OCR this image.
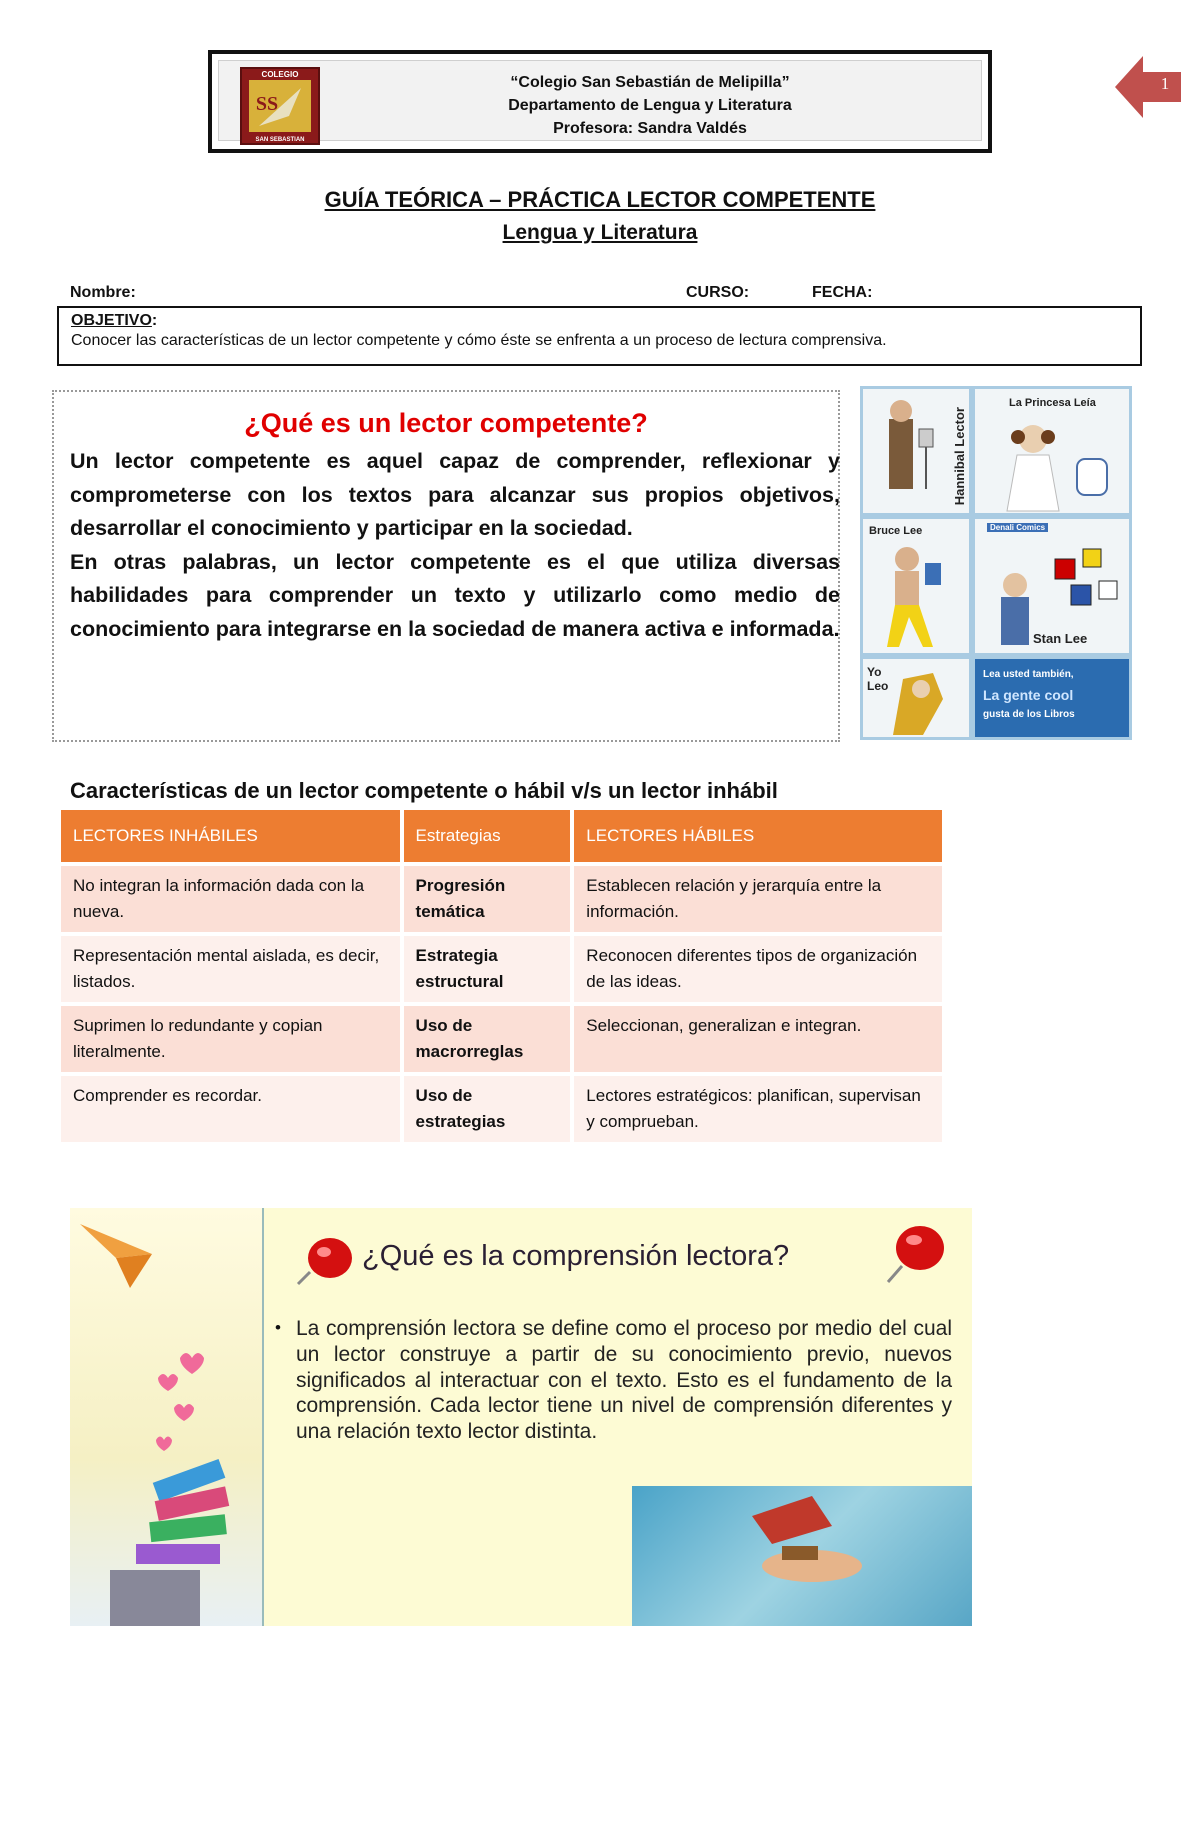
COLEGIO
SS
SAN SEBASTIAN
“Colegio San Sebastián de Melipilla”
Departamento de Lengua y Literatura
Profesora: Sandra Valdés
1
GUÍA TEÓRICA – PRÁCTICA LECTOR COMPETENTE
Lengua y Literatura
Nombre:	CURSO:	FECHA:
OBJETIVO:
Conocer las características de un lector competente y cómo éste se enfrenta a un proceso de lectura comprensiva.
¿Qué es un lector competente?

Un lector competente es aquel capaz de comprender, reflexionar y comprometerse con los textos para alcanzar sus propios objetivos, desarrollar el conocimiento y participar en la sociedad.

En otras palabras, un lector competente es el que utiliza diversas habilidades para comprender un texto y utilizarlo como medio de conocimiento para integrarse en la sociedad de manera activa e informada.

Hannibal Lector
La Princesa Leía
Bruce Lee	Denali Comics
Stan Lee
Yo Leo
Lea usted también,
La gente cool
gusta de los Libros
Características de un lector competente o hábil v/s un lector inhábil
LECTORES INHÁBILES	Estrategias	LECTORES HÁBILES
No integran la información dada con la nueva.	Progresión temática	Establecen relación y jerarquía entre la información.
Representación mental aislada, es decir, listados.	Estrategia estructural	Reconocen diferentes tipos de organización de las ideas.
Suprimen lo redundante y copian literalmente.	Uso de macrorreglas	Seleccionan, generalizan e integran.
Comprender es recordar.	Uso de estrategias	Lectores estratégicos: planifican, supervisan y comprueban.
¿Qué es la comprensión lectora?
• La comprensión lectora se define como el proceso por medio del cual un lector construye a partir de su conocimiento previo, nuevos significados al interactuar con el texto. Esto es el fundamento de la comprensión. Cada lector tiene un nivel de comprensión diferentes y una relación texto lector distinta.
